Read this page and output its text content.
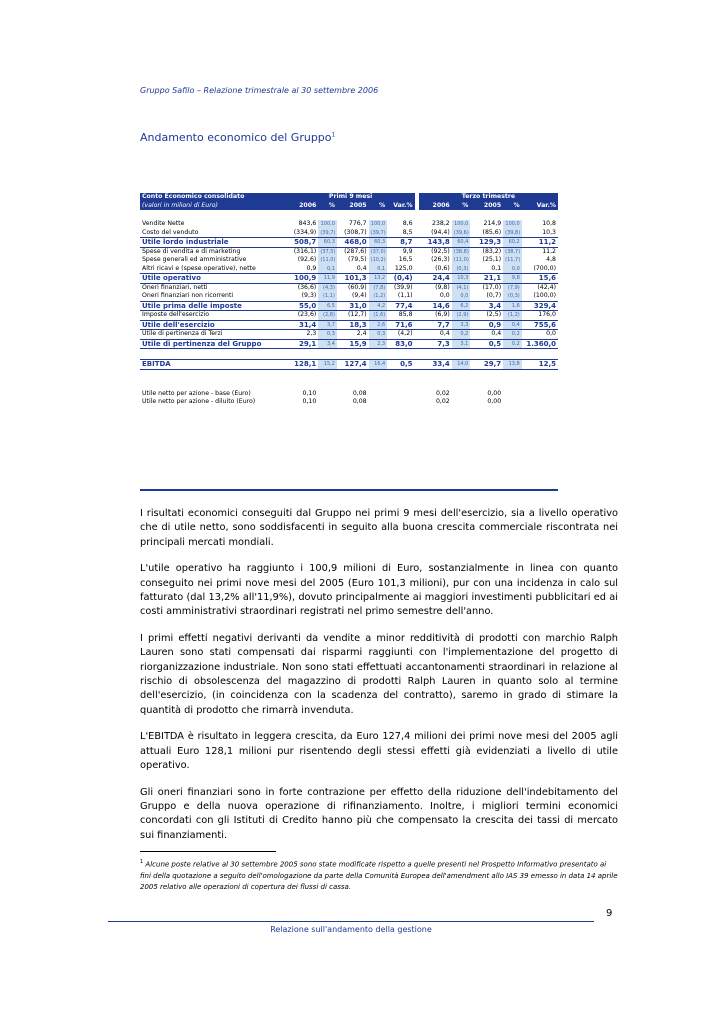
Gruppo Safilo – Relazione trimestrale al 30 settembre 2006
Andamento economico del Gruppo$^1$
Conto Economico consolidato	Primi 9 mesi						Terzo trimestre				
(valori in milioni di Euro)	2006	%	2005	%	Var.%		2006	%	2005	%	Var.%

Vendite Nette	843,6	100,0	776,7	100,0	8,6		238,2	100,0	214,9	100,0	10,8
Costo del venduto	(334,9)	(39,7)	(308,7)	(39,7)	8,5		(94,4)	(39,6)	(85,6)	(39,8)	10,3
Utile lordo industriale	508,7	60,3	468,0	60,3	8,7		143,8	60,4	129,3	60,2	11,2
Spese di vendita e di marketing	(316,1)	(37,5)	(287,6)	(37,0)	9,9		(92,5)	(38,8)	(83,2)	(38,7)	11,2
Spese generali ed amministrative	(92,6)	(11,0)	(79,5)	(10,2)	16,5		(26,3)	(11,0)	(25,1)	(11,7)	4,8
Altri ricavi e (spese operative), nette	0,9	0,1	0,4	0,1	125,0		(0,6)	(0,3)	0,1	0,0	(700,0)
Utile operativo	100,9	11,9	101,3	13,2	(0,4)		24,4	10,3	21,1	9,8	15,6
Oneri finanziari, netti	(36,6)	(4,3)	(60,9)	(7,8)	(39,9)		(9,8)	(4,1)	(17,0)	(7,9)	(42,4)
Oneri finanziari non ricorrenti	(9,3)	(1,1)	(9,4)	(1,2)	(1,1)		0,0	0,0	(0,7)	(0,3)	(100,0)
Utile prima delle imposte	55,0	6,5	31,0	4,2	77,4		14,6	6,2	3,4	1,6	329,4
Imposte dell'esercizio	(23,6)	(2,8)	(12,7)	(1,6)	85,8		(6,9)	(2,9)	(2,5)	(1,2)	176,0
Utile dell'esercizio	31,4	3,7	18,3	2,6	71,6		7,7	3,3	0,9	0,4	755,6
Utile di pertinenza di Terzi	2,3	0,3	2,4	0,3	(4,2)		0,4	0,2	0,4	0,2	0,0
Utile di pertinenza del Gruppo	29,1	3,4	15,9	2,3	83,0		7,3	3,1	0,5	0,2	1.360,0

EBITDA	128,1	15,2	127,4	16,4	0,5		33,4	14,0	29,7	13,8	12,5

Utile netto per azione - base (Euro)	0,10		0,08				0,02		0,00		
Utile netto per azione - diluito (Euro)	0,10		0,08				0,02		0,00		

I risultati economici conseguiti dal Gruppo nei primi 9 mesi dell'esercizio, sia a livello operativo che di utile netto, sono soddisfacenti in seguito alla buona crescita commerciale riscontrata nei principali mercati mondiali.

L'utile operativo ha raggiunto i 100,9 milioni di Euro, sostanzialmente in linea con quanto conseguito nei primi nove mesi del 2005 (Euro 101,3 milioni), pur con una incidenza in calo sul fatturato (dal 13,2% all'11,9%), dovuto principalmente ai maggiori investimenti pubblicitari ed ai costi amministrativi straordinari registrati nel primo semestre dell'anno.

I primi effetti negativi derivanti da vendite a minor redditività di prodotti con marchio Ralph Lauren sono stati compensati dai risparmi raggiunti con l'implementazione del progetto di riorganizzazione industriale. Non sono stati effettuati accantonamenti straordinari in relazione al rischio di obsolescenza del magazzino di prodotti Ralph Lauren in quanto solo al termine dell'esercizio, (in coincidenza con la scadenza del contratto), saremo in grado di stimare la quantità di prodotto che rimarrà invenduta.

L'EBITDA è risultato in leggera crescita, da Euro 127,4 milioni dei primi nove mesi del 2005 agli attuali Euro 128,1 milioni pur risentendo degli stessi effetti già evidenziati a livello di utile operativo.

Gli oneri finanziari sono in forte contrazione per effetto della riduzione dell'indebitamento del Gruppo e della nuova operazione di rifinanziamento. Inoltre, i migliori termini economici concordati con gli Istituti di Credito hanno più che compensato la crescita dei tassi di mercato sui finanziamenti.

$^1$ Alcune poste relative al 30 settembre 2005 sono state modificate rispetto a quelle presenti nel Prospetto Informativo presentato ai fini della quotazione a seguito dell'omologazione da parte della Comunità Europea dell'amendment allo IAS 39 emesso in data 14 aprile 2005 relativo alle operazioni di copertura dei flussi di cassa.
9
Relazione sull'andamento della gestione
